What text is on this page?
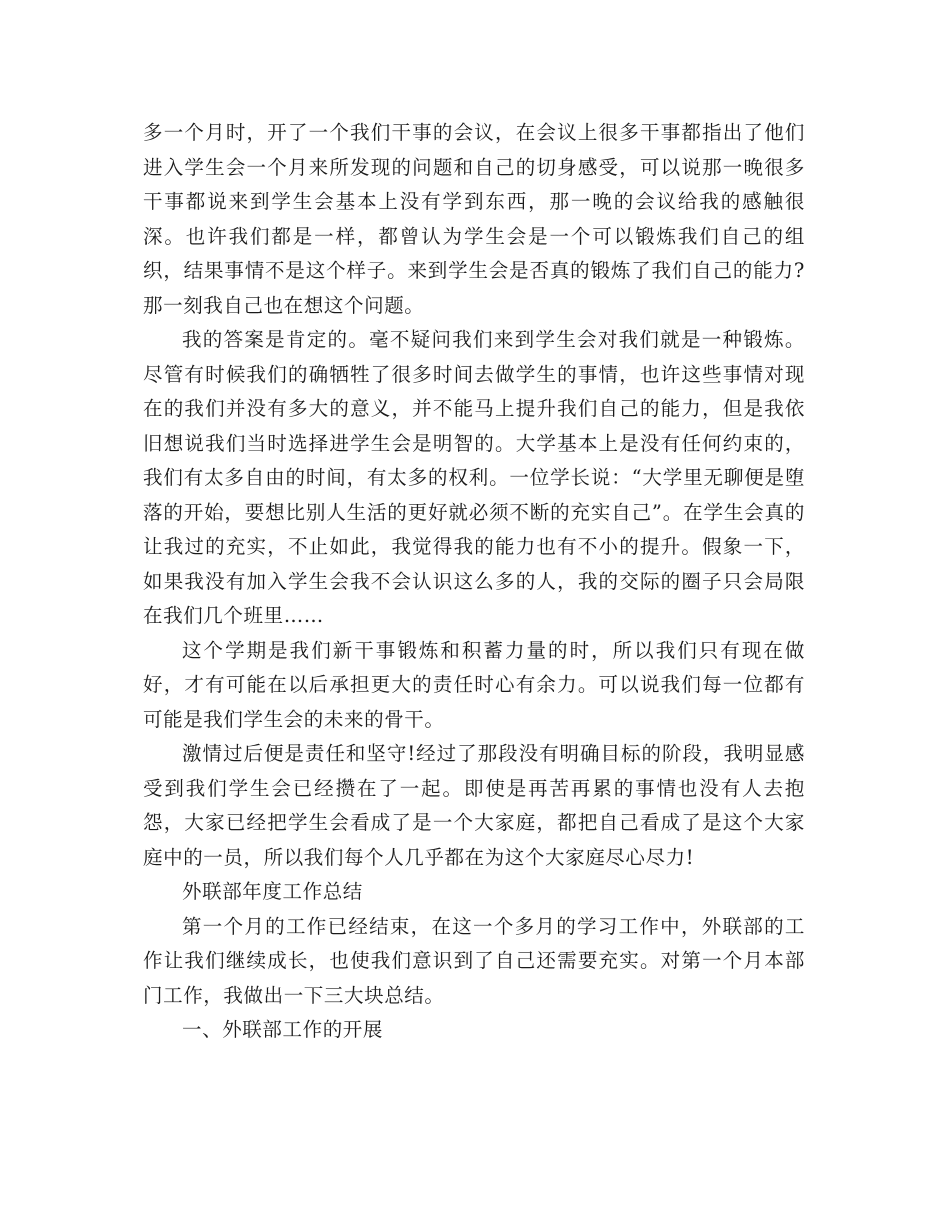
多一个月时，开了一个我们干事的会议，在会议上很多干事都指出了他们进入学生会一个月来所发现的问题和自己的切身感受，可以说那一晚很多干事都说来到学生会基本上没有学到东西，那一晚的会议给我的感触很深。也许我们都是一样，都曾认为学生会是一个可以锻炼我们自己的组织，结果事情不是这个样子。来到学生会是否真的锻炼了我们自己的能力?那一刻我自己也在想这个问题。

我的答案是肯定的。毫不疑问我们来到学生会对我们就是一种锻炼。尽管有时候我们的确牺牲了很多时间去做学生的事情，也许这些事情对现在的我们并没有多大的意义，并不能马上提升我们自己的能力，但是我依旧想说我们当时选择进学生会是明智的。大学基本上是没有任何约束的，我们有太多自由的时间，有太多的权利。一位学长说：“大学里无聊便是堕落的开始，要想比别人生活的更好就必须不断的充实自己”。在学生会真的让我过的充实，不止如此，我觉得我的能力也有不小的提升。假象一下，如果我没有加入学生会我不会认识这么多的人，我的交际的圈子只会局限在我们几个班里……

这个学期是我们新干事锻炼和积蓄力量的时，所以我们只有现在做好，才有可能在以后承担更大的责任时心有余力。可以说我们每一位都有可能是我们学生会的未来的骨干。

激情过后便是责任和坚守!经过了那段没有明确目标的阶段，我明显感受到我们学生会已经攒在了一起。即使是再苦再累的事情也没有人去抱怨，大家已经把学生会看成了是一个大家庭，都把自己看成了是这个大家庭中的一员，所以我们每个人几乎都在为这个大家庭尽心尽力!

外联部年度工作总结

第一个月的工作已经结束，在这一个多月的学习工作中，外联部的工作让我们继续成长，也使我们意识到了自己还需要充实。对第一个月本部门工作，我做出一下三大块总结。

一、外联部工作的开展
